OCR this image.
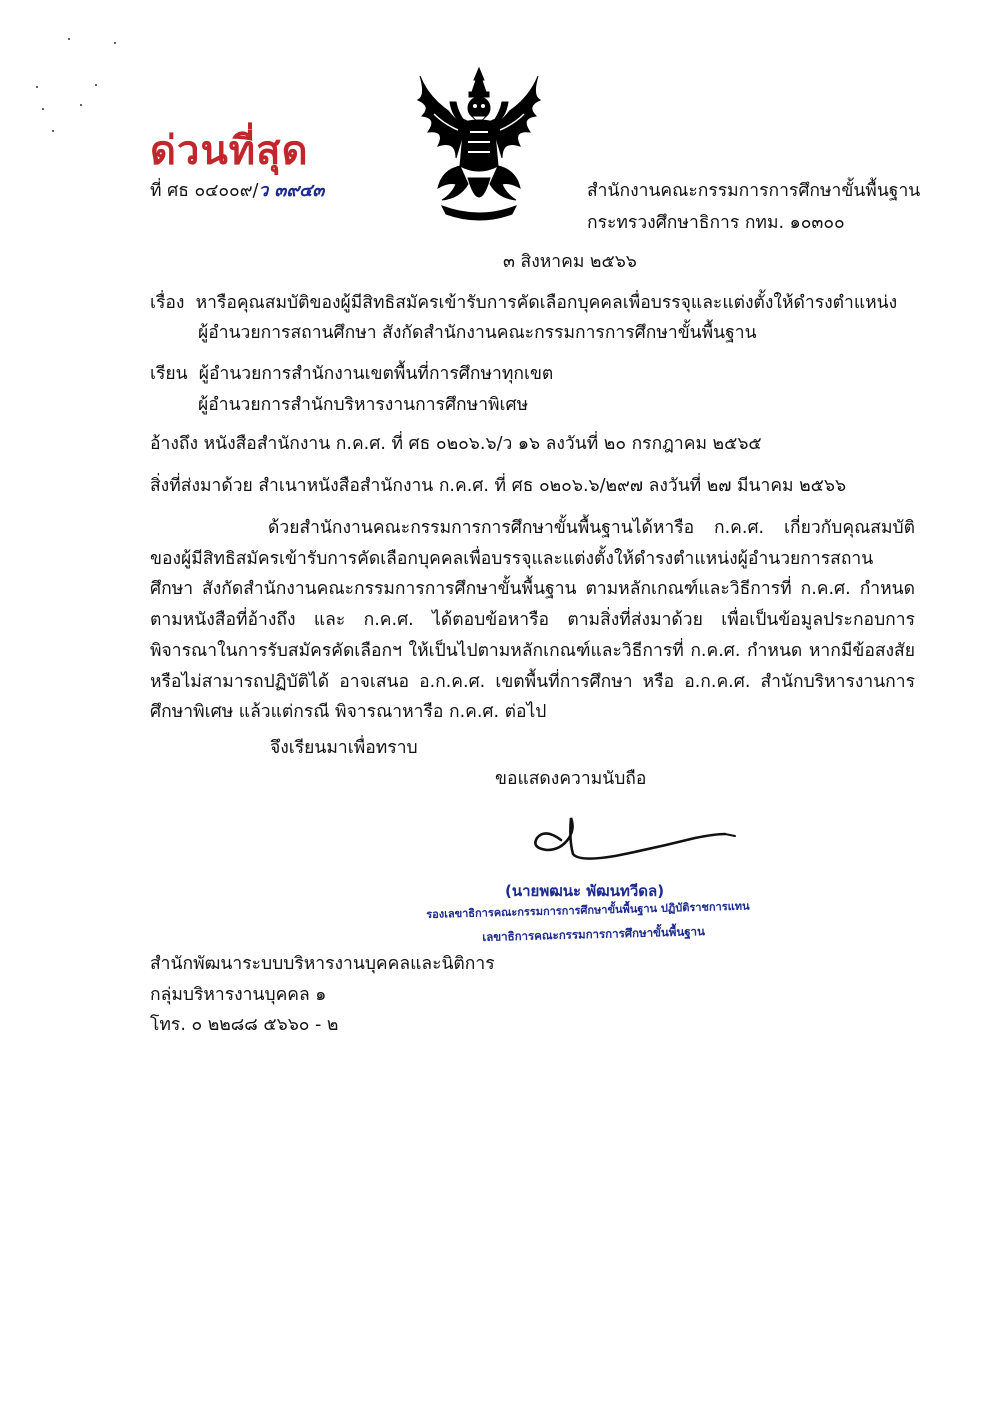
ด่วนที่สุด
ที่ ศธ ๐๔๐๐๙/ว ๓๙๔๓	สำนักงานคณะกรรมการการศึกษาขั้นพื้นฐาน
กระทรวงศึกษาธิการ กทม. ๑๐๓๐๐
๓ สิงหาคม ๒๕๖๖
เรื่อง หารือคุณสมบัติของผู้มีสิทธิสมัครเข้ารับการคัดเลือกบุคคลเพื่อบรรจุและแต่งตั้งให้ดำรงตำแหน่ง
ผู้อำนวยการสถานศึกษา สังกัดสำนักงานคณะกรรมการการศึกษาขั้นพื้นฐาน
เรียน ผู้อำนวยการสำนักงานเขตพื้นที่การศึกษาทุกเขต
ผู้อำนวยการสำนักบริหารงานการศึกษาพิเศษ
อ้างถึง หนังสือสำนักงาน ก.ค.ศ. ที่ ศธ ๐๒๐๖.๖/ว ๑๖ ลงวันที่ ๒๐ กรกฎาคม ๒๕๖๕
สิ่งที่ส่งมาด้วย สำเนาหนังสือสำนักงาน ก.ค.ศ. ที่ ศธ ๐๒๐๖.๖/๒๙๗ ลงวันที่ ๒๗ มีนาคม ๒๕๖๖
ด้วยสำนักงานคณะกรรมการการศึกษาขั้นพื้นฐานได้หารือ ก.ค.ศ. เกี่ยวกับคุณสมบัติของผู้มีสิทธิสมัครเข้ารับการคัดเลือกบุคคลเพื่อบรรจุและแต่งตั้งให้ดำรงตำแหน่งผู้อำนวยการสถานศึกษา สังกัดสำนักงานคณะกรรมการการศึกษาขั้นพื้นฐาน ตามหลักเกณฑ์และวิธีการที่ ก.ค.ศ. กำหนด ตามหนังสือที่อ้างถึง และ ก.ค.ศ. ได้ตอบข้อหารือ ตามสิ่งที่ส่งมาด้วย เพื่อเป็นข้อมูลประกอบการพิจารณาในการรับสมัครคัดเลือกฯ ให้เป็นไปตามหลักเกณฑ์และวิธีการที่ ก.ค.ศ. กำหนด หากมีข้อสงสัยหรือไม่สามารถปฏิบัติได้ อาจเสนอ อ.ก.ค.ศ. เขตพื้นที่การศึกษา หรือ อ.ก.ค.ศ. สำนักบริหารงานการศึกษาพิเศษ แล้วแต่กรณี พิจารณาหารือ ก.ค.ศ. ต่อไป
จึงเรียนมาเพื่อทราบ
ขอแสดงความนับถือ
(นายพฒนะ พัฒนทวีดล)
รองเลขาธิการคณะกรรมการการศึกษาขั้นพื้นฐาน ปฏิบัติราชการแทน
เลขาธิการคณะกรรมการการศึกษาขั้นพื้นฐาน
สำนักพัฒนาระบบบริหารงานบุคคลและนิติการ
กลุ่มบริหารงานบุคคล ๑
โทร. ๐ ๒๒๘๘ ๕๖๖๐ - ๒
